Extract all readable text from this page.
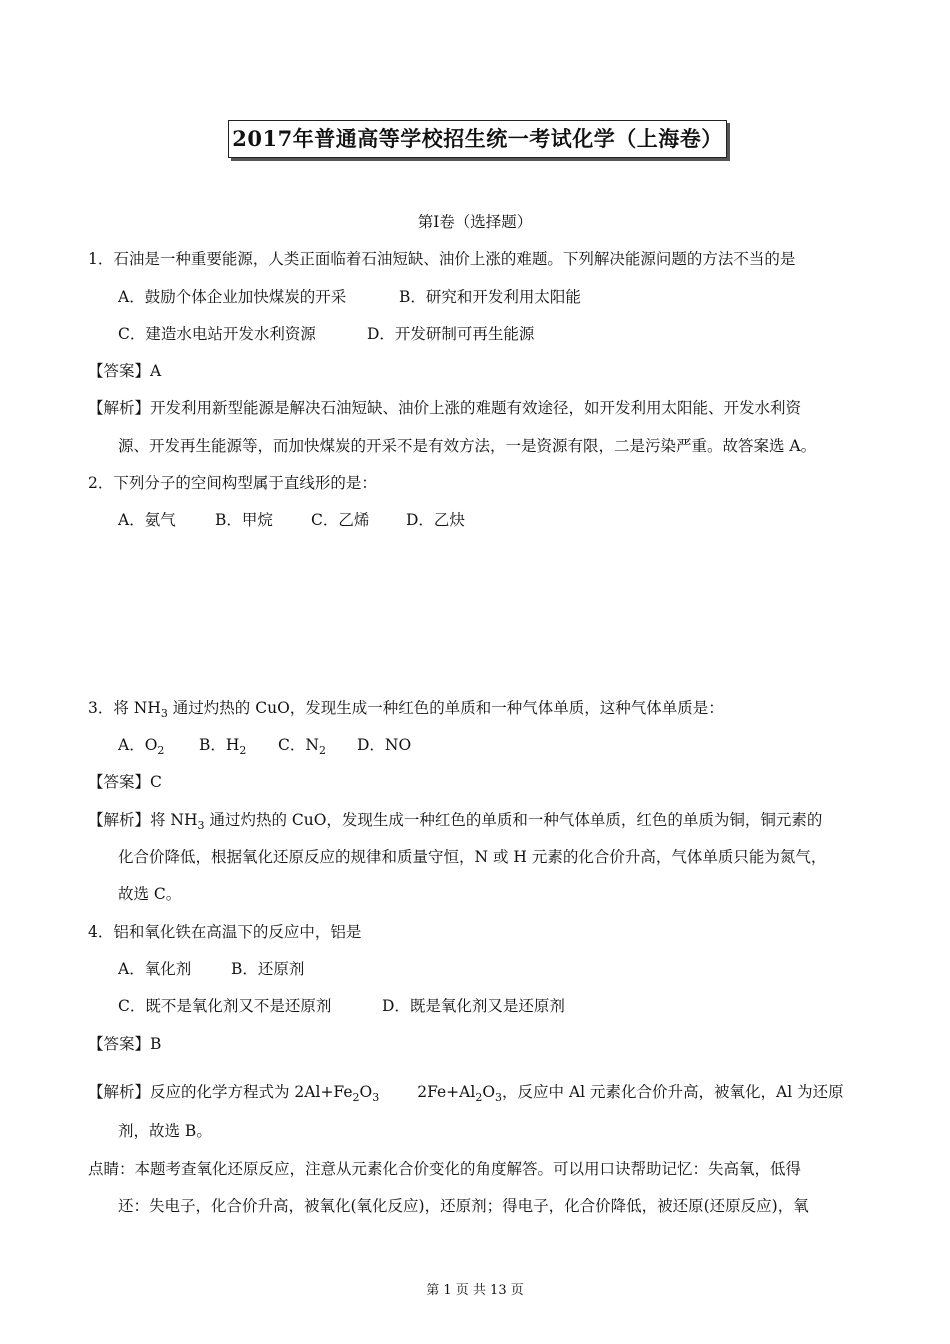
2017年普通高等学校招生统一考试化学（上海卷）
第Ⅰ卷（选择题）
1．石油是一种重要能源，人类正面临着石油短缺、油价上涨的难题。下列解决能源问题的方法不当的是
A．鼓励个体企业加快煤炭的开采	B．研究和开发利用太阳能
C．建造水电站开发水利资源	D．开发研制可再生能源
【答案】A
【解析】开发利用新型能源是解决石油短缺、油价上涨的难题有效途径，如开发利用太阳能、开发水利资
源、开发再生能源等，而加快煤炭的开采不是有效方法，一是资源有限，二是污染严重。故答案选 A。
2．下列分子的空间构型属于直线形的是：
A．氨气	B．甲烷 C．乙烯 D．乙炔
3．将 $NH_3$ 通过灼热的 CuO，发现生成一种红色的单质和一种气体单质，这种气体单质是：
A．$O_2$ B．$H_2$ C．$N_2$ D．NO
【答案】C
【解析】将 $NH_3$ 通过灼热的 CuO，发现生成一种红色的单质和一种气体单质，红色的单质为铜，铜元素的
化合价降低，根据氧化还原反应的规律和质量守恒，N 或 H 元素的化合价升高，气体单质只能为氮气，
故选 C。
4．铝和氧化铁在高温下的反应中，铝是
A．氧化剂	B．还原剂
C．既不是氧化剂又不是还原剂	D．既是氧化剂又是还原剂
【答案】B
【解析】反应的化学方程式为 $2Al+Fe_2O_3$ $2Fe+Al_2O_3$，反应中 Al 元素化合价升高，被氧化，Al 为还原
剂，故选 B。
点睛：本题考查氧化还原反应，注意从元素化合价变化的角度解答。可以用口诀帮助记忆：失高氧，低得
还：失电子，化合价升高，被氧化(氧化反应)，还原剂；得电子，化合价降低，被还原(还原反应)，氧
第 1 页 共 13 页
